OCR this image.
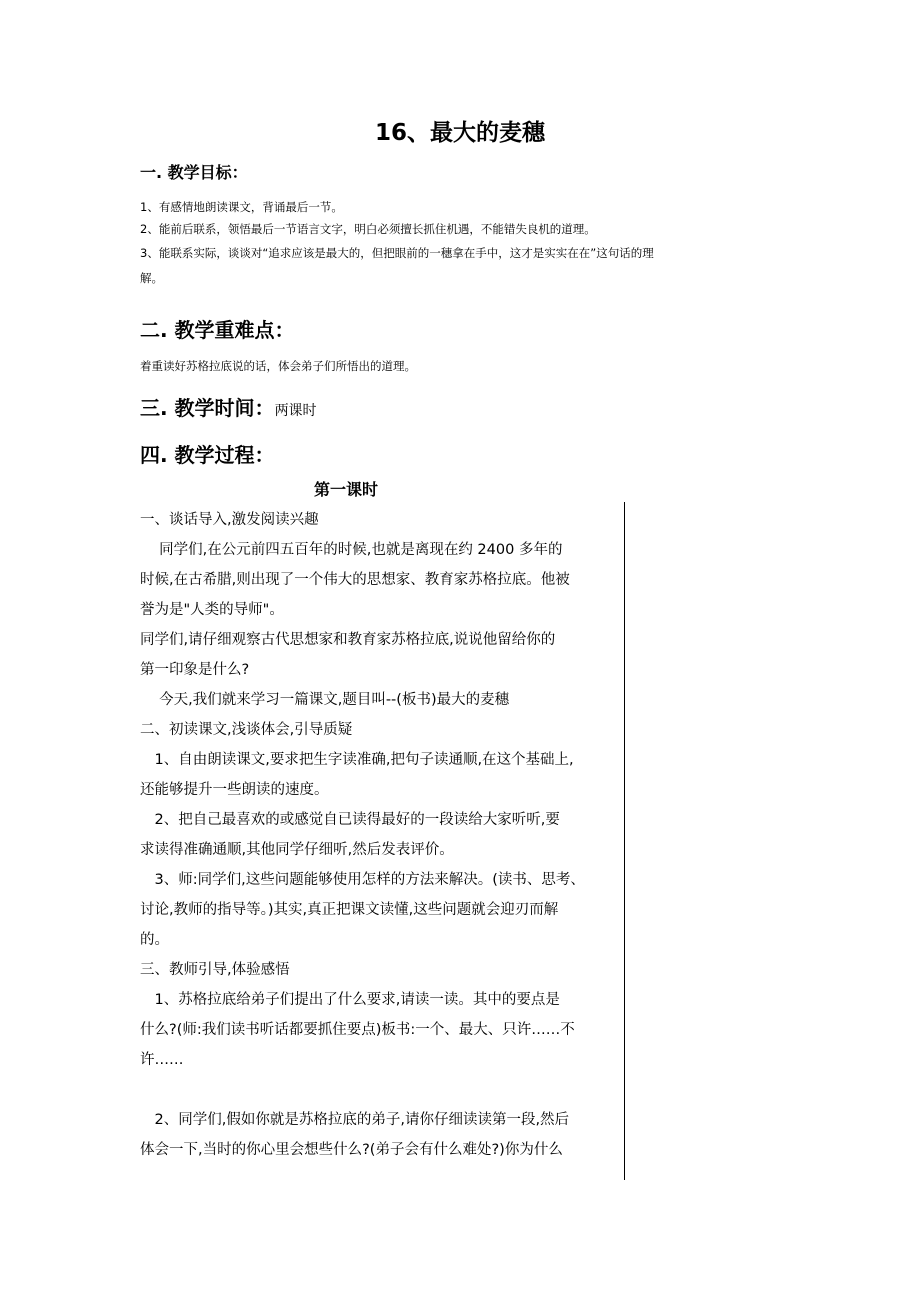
16、最大的麦穗
一. 教学目标：
1、有感情地朗读课文，背诵最后一节。
2、能前后联系，领悟最后一节语言文字，明白必须擅长抓住机遇，不能错失良机的道理。
3、能联系实际，谈谈对“追求应该是最大的，但把眼前的一穗拿在手中，这才是实实在在”这句话的理
解。
二. 教学重难点：
着重读好苏格拉底说的话，体会弟子们所悟出的道理。
三. 教学时间：两课时
四. 教学过程：
第一课时
一、谈话导入,激发阅读兴趣
　 同学们,在公元前四五百年的时候,也就是离现在约 2400 多年的
时候,在古希腊,则出现了一个伟大的思想家、教育家苏格拉底。他被
誉为是"人类的导师"。
同学们,请仔细观察古代思想家和教育家苏格拉底,说说他留给你的
第一印象是什么?
　 今天,我们就来学习一篇课文,题目叫--(板书)最大的麦穗
二、初读课文,浅谈体会,引导质疑
　1、自由朗读课文,要求把生字读准确,把句子读通顺,在这个基础上,
还能够提升一些朗读的速度。
　2、把自己最喜欢的或感觉自已读得最好的一段读给大家听听,要
求读得准确通顺,其他同学仔细听,然后发表评价。
　3、师:同学们,这些问题能够使用怎样的方法来解决。(读书、思考、
讨论,教师的指导等。)其实,真正把课文读懂,这些问题就会迎刃而解
的。
三、教师引导,体验感悟
　1、苏格拉底给弟子们提出了什么要求,请读一读。其中的要点是
什么?(师:我们读书听话都要抓住要点)板书:一个、最大、只许……不
许……
　2、同学们,假如你就是苏格拉底的弟子,请你仔细读读第一段,然后
体会一下,当时的你心里会想些什么?(弟子会有什么难处?)你为什么
